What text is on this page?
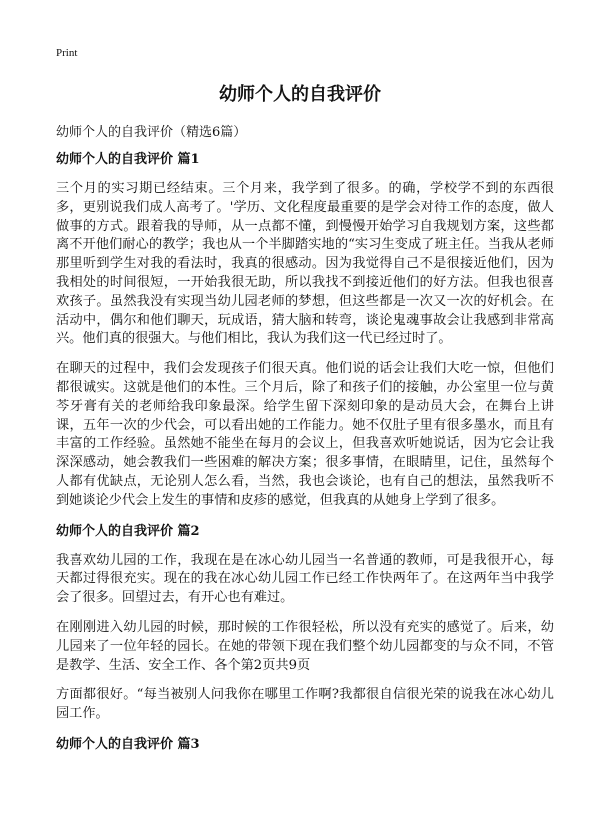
Print
幼师个人的自我评价
幼师个人的自我评价（精选6篇）
幼师个人的自我评价 篇1

三个月的实习期已经结束。三个月来，我学到了很多。的确，学校学不到的东西很多，更别说我们成人高考了。'学历、文化程度最重要的是学会对待工作的态度，做人做事的方式。跟着我的导师，从一点都不懂，到慢慢开始学习自我规划方案，这些都离不开他们耐心的教学；我也从一个半脚踏实地的“实习生变成了班主任。当我从老师那里听到学生对我的看法时，我真的很感动。因为我觉得自己不是很接近他们，因为我相处的时间很短，一开始我很无助，所以我找不到接近他们的好方法。但我也很喜欢孩子。虽然我没有实现当幼儿园老师的梦想，但这些都是一次又一次的好机会。在活动中，偶尔和他们聊天，玩成语，猜大脑和转弯，谈论鬼魂事故会让我感到非常高兴。他们真的很强大。与他们相比，我认为我们这一代已经过时了。

在聊天的过程中，我们会发现孩子们很天真。他们说的话会让我们大吃一惊，但他们都很诚实。这就是他们的本性。三个月后，除了和孩子们的接触，办公室里一位与黄芩牙膏有关的老师给我印象最深。给学生留下深刻印象的是动员大会，在舞台上讲课，五年一次的少代会，可以看出她的工作能力。她不仅肚子里有很多墨水，而且有丰富的工作经验。虽然她不能坐在每月的会议上，但我喜欢听她说话，因为它会让我深深感动，她会教我们一些困难的解决方案；很多事情，在眼睛里，记住，虽然每个人都有优缺点，无论别人怎么看，当然，我也会谈论，也有自己的想法，虽然我听不到她谈论少代会上发生的事情和皮疹的感觉，但我真的从她身上学到了很多。

幼师个人的自我评价 篇2

我喜欢幼儿园的工作，我现在是在冰心幼儿园当一名普通的教师，可是我很开心，每天都过得很充实。现在的我在冰心幼儿园工作已经工作快两年了。在这两年当中我学会了很多。回望过去，有开心也有难过。

在刚刚进入幼儿园的时候，那时候的工作很轻松，所以没有充实的感觉了。后来，幼儿园来了一位年轻的园长。在她的带领下现在我们整个幼儿园都变的与众不同，不管是教学、生活、安全工作、各个第2页共9页

方面都很好。“每当被别人问我你在哪里工作啊?我都很自信很光荣的说我在冰心幼儿园工作。

幼师个人的自我评价 篇3
